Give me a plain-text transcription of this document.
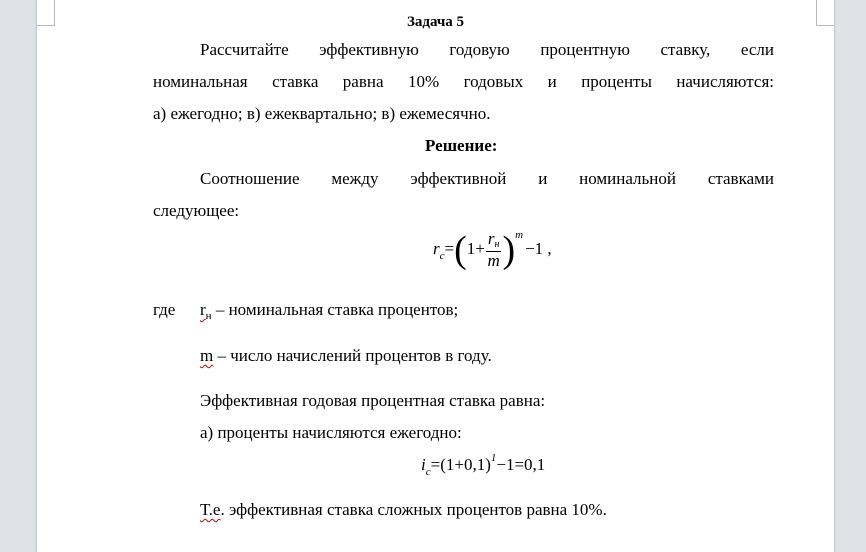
Задача 5
Рассчитайте эффективную годовую процентную ставку, если
номинальная ставка равна 10% годовых и проценты начисляются:
а) ежегодно; в) ежеквартально; в) ежемесячно.
Решение:
Соотношение между эффективной и номинальной ставками
следующее:
$r_c=(1+ \frac{rн}{m} )^m-1$ ,
где $r_н$ – номинальная ставка процентов;
m – число начислений процентов в году.
Эффективная годовая процентная ставка равна:
а) проценты начисляются ежегодно:
$i_c=(1+0,1)^1-1=0,1$
Т.е. эффективная ставка сложных процентов равна 10%.
